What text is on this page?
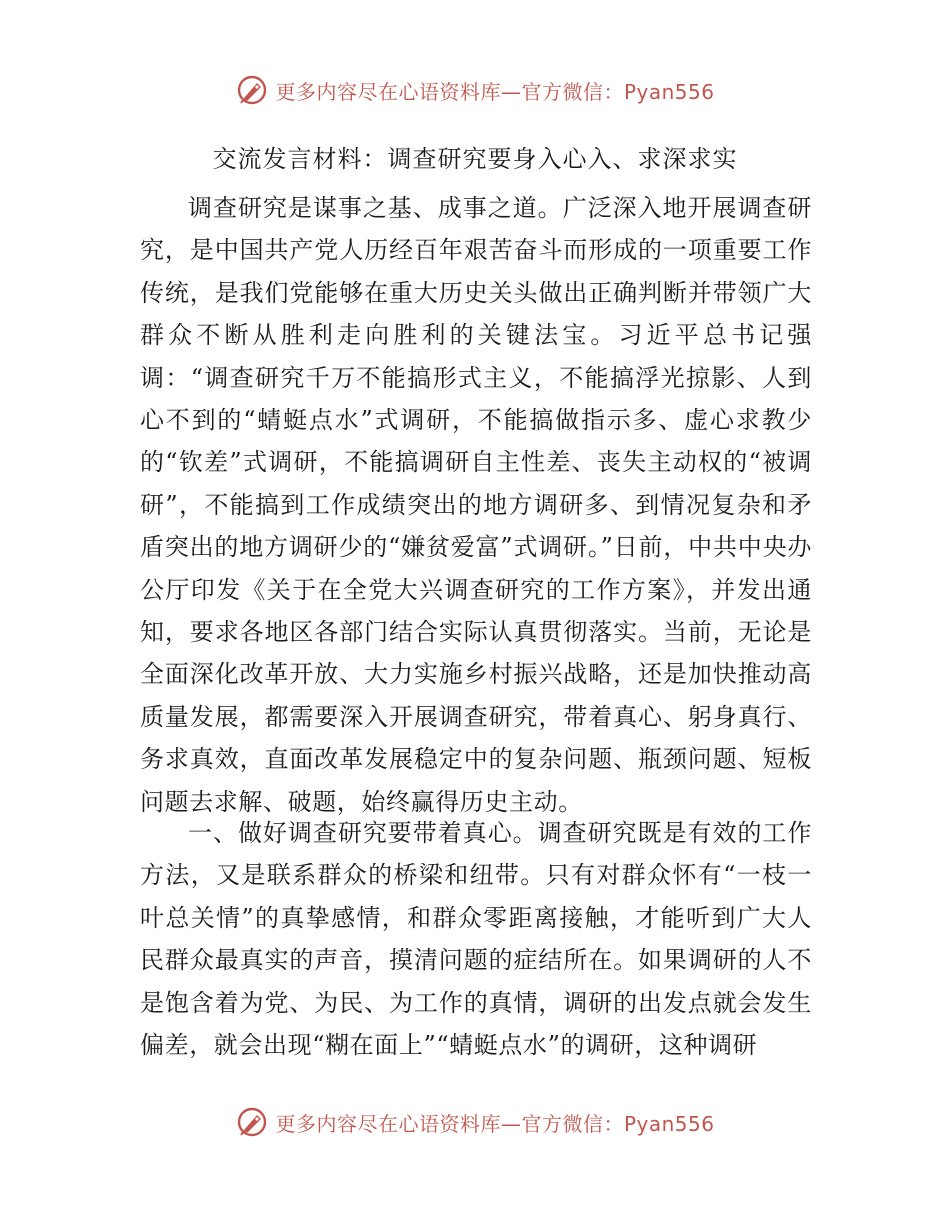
更多内容尽在心语资料库—官方微信：Pyan556
交流发言材料：调查研究要身入心入、求深求实

调查研究是谋事之基、成事之道。广泛深入地开展调查研究，是中国共产党人历经百年艰苦奋斗而形成的一项重要工作传统，是我们党能够在重大历史关头做出正确判断并带领广大群众不断从胜利走向胜利的关键法宝。习近平总书记强调：“调查研究千万不能搞形式主义，不能搞浮光掠影、人到心不到的“蜻蜓点水”式调研，不能搞做指示多、虚心求教少的“钦差”式调研，不能搞调研自主性差、丧失主动权的“被调研”，不能搞到工作成绩突出的地方调研多、到情况复杂和矛盾突出的地方调研少的“嫌贫爱富”式调研。”日前，中共中央办公厅印发《关于在全党大兴调查研究的工作方案》，并发出通知，要求各地区各部门结合实际认真贯彻落实。当前，无论是全面深化改革开放、大力实施乡村振兴战略，还是加快推动高质量发展，都需要深入开展调查研究，带着真心、躬身真行、务求真效，直面改革发展稳定中的复杂问题、瓶颈问题、短板问题去求解、破题，始终赢得历史主动。

一、做好调查研究要带着真心。调查研究既是有效的工作方法，又是联系群众的桥梁和纽带。只有对群众怀有“一枝一叶总关情”的真挚感情，和群众零距离接触，才能听到广大人民群众最真实的声音，摸清问题的症结所在。如果调研的人不是饱含着为党、为民、为工作的真情，调研的出发点就会发生偏差，就会出现“糊在面上”“蜻蜓点水”的调研，这种调研

更多内容尽在心语资料库—官方微信：Pyan556
